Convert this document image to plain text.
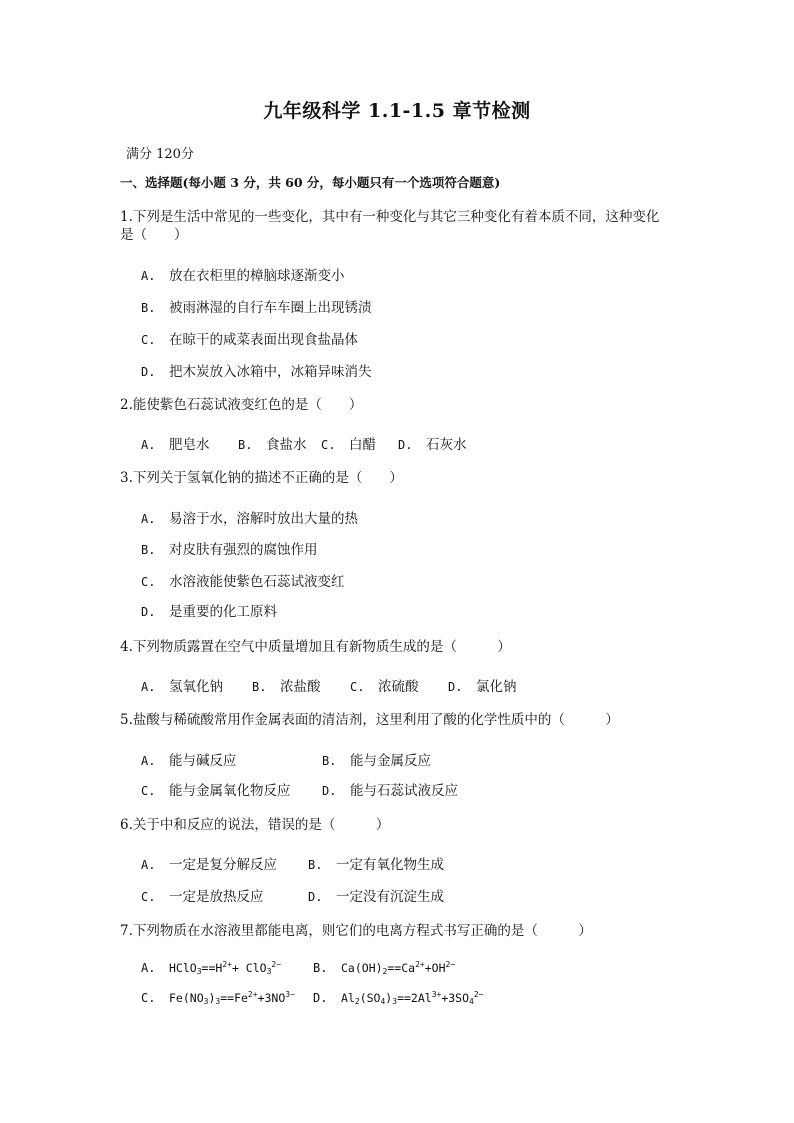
九年级科学 1.1-1.5 章节检测
满分 120分
一、选择题(每小题 3 分，共 60 分，每小题只有一个选项符合题意)
1.下列是生活中常见的一些变化，其中有一种变化与其它三种变化有着本质不同，这种变化
是（　　）
A. 放在衣柜里的樟脑球逐渐变小
B. 被雨淋湿的自行车车圈上出现锈渍
C. 在晾干的咸菜表面出现食盐晶体
D. 把木炭放入冰箱中，冰箱异味消失
2.能使紫色石蕊试液变红色的是（　　）
A. 肥皂水 B. 食盐水 C. 白醋 D. 石灰水
3.下列关于氢氧化钠的描述不正确的是（　　）
A. 易溶于水，溶解时放出大量的热
B. 对皮肤有强烈的腐蚀作用
C. 水溶液能使紫色石蕊试液变红
D. 是重要的化工原料
4.下列物质露置在空气中质量增加且有新物质生成的是（　　　）
A. 氢氧化钠 B. 浓盐酸 C. 浓硫酸 D. 氯化钠
5.盐酸与稀硫酸常用作金属表面的清洁剂，这里利用了酸的化学性质中的（　　　）
A. 能与碱反应	B. 能与金属反应
C. 能与金属氧化物反应	D. 能与石蕊试液反应
6.关于中和反应的说法，错误的是（　　　）
A. 一定是复分解反应	B. 一定有氧化物生成
C. 一定是放热反应	D. 一定没有沉淀生成
7.下列物质在水溶液里都能电离，则它们的电离方程式书写正确的是（　　　）
A. $HClO_3==H^{2+}+ ClO_3^{2-}$	B. $Ca(OH)_2==Ca^{2+}+OH^{2-}$
C. $Fe(NO_3)_3==Fe^{2+}+3NO^{3-}$ D. $Al_2(SO_4)_3==2Al^{3+}+3SO_4^{2-}$
